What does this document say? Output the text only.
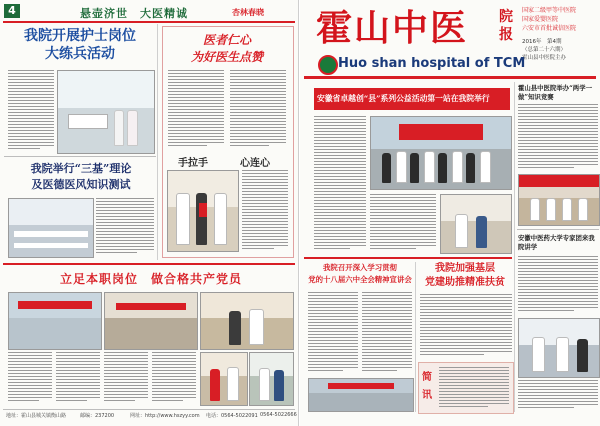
4	悬壶济世　大医精诚	杏林春晓
我院开展护士岗位
大练兵活动
医者仁心
为好医生点赞
手拉手	心连心
我院举行“三基”理论
及医德医风知识测试
立足本职岗位　做合格共产党员
地址：霍山县城关镇衡山路	邮编：237200	网址：http://www.hszyy.com 电话：0564-5022091 0564-5022666
霍山中医 院
报
国家二级甲等中医院
国家爱婴医院
六安市首批诚信医院
2016年　第4期
（总第二十六期）
霍山县中医院主办
Huo shan hospital of TCM
安徽省卓越创“县”系列公益活动第一站在我院举行
霍山县中医院举办“两学一做”知识竞赛
安徽中医药大学专家团来我院讲学
我院召开深入学习贯彻
党的十八届六中全会精神宣讲会
我院加强基层
党建助推精准扶贫
简讯
